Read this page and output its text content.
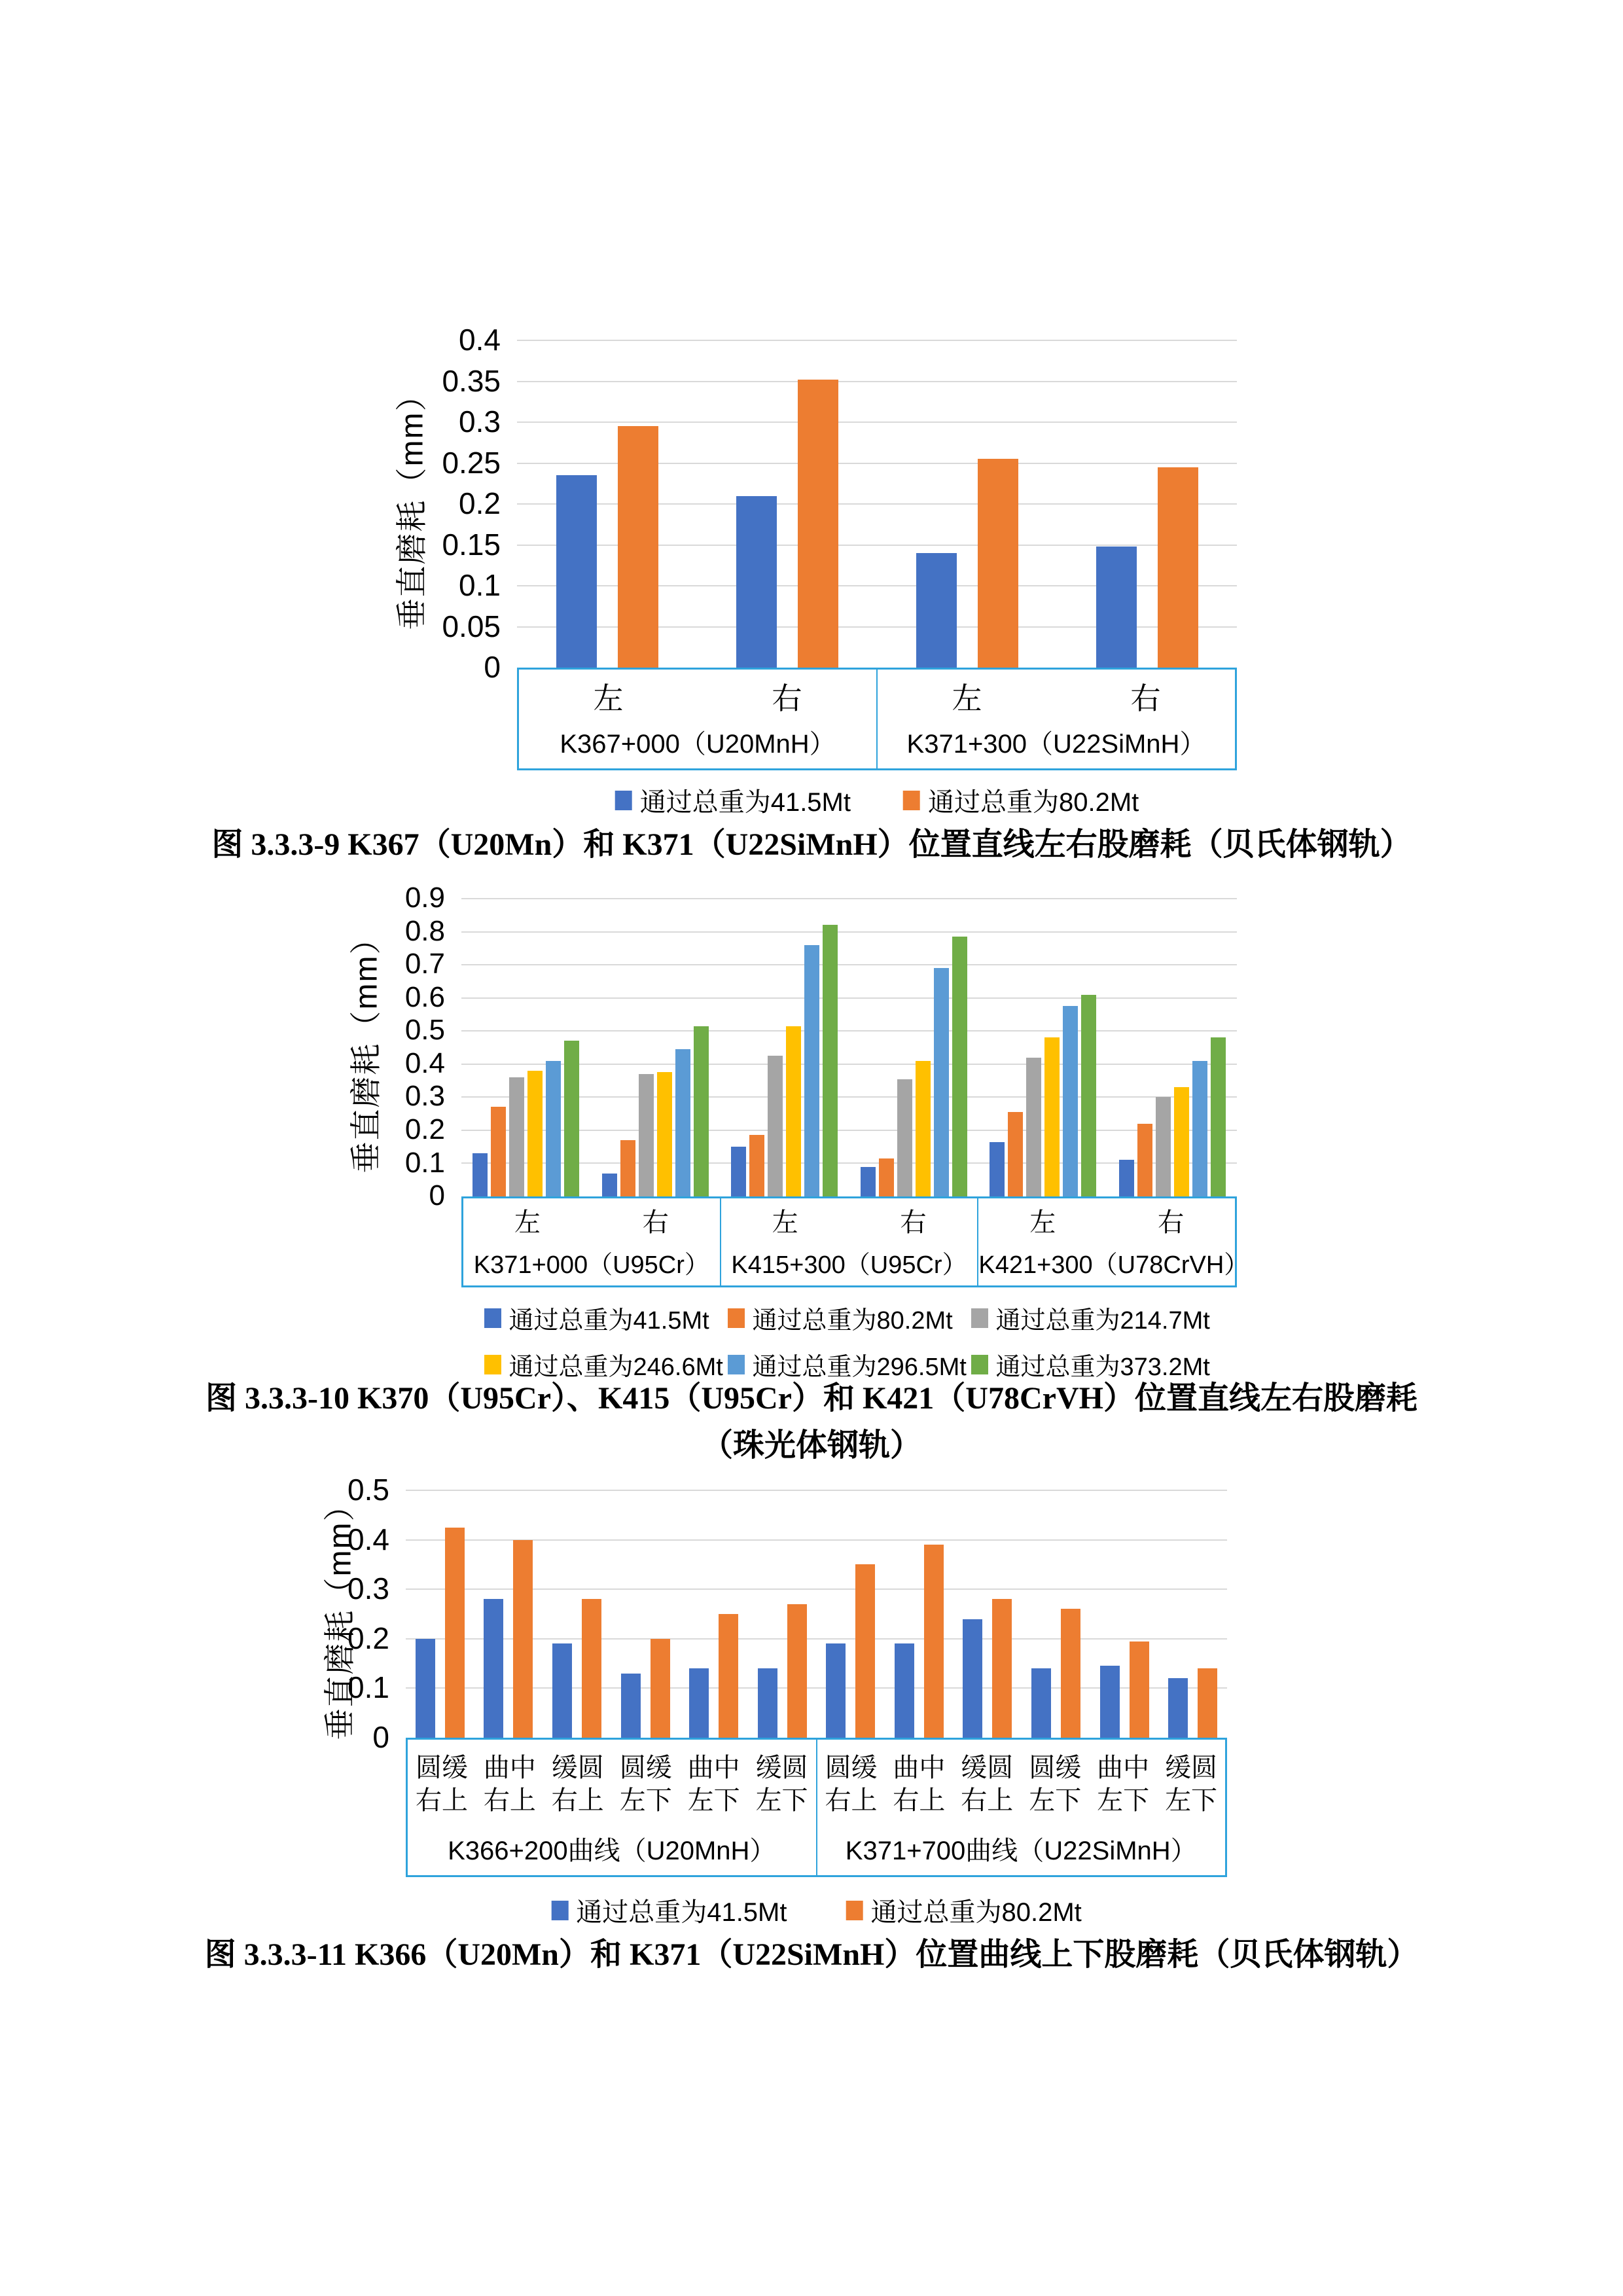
垂直磨耗（mm）
0.4
0.35
0.3
0.25
0.2
0.15
0.1
0.05
0
左	右
K367+000（U20MnH）
左	右
K371+300（U22SiMnH）
通过总重为41.5Mt	通过总重为80.2Mt
垂直磨耗（mm）
0.9
0.8
0.7
0.6
0.5
0.4
0.3
0.2
0.1
0
左	右
K371+000（U95Cr）
左	右
K415+300（U95Cr）
左	右
K421+300（U78CrVH）
通过总重为41.5Mt 通过总重为80.2Mt 通过总重为214.7Mt
通过总重为246.6Mt 通过总重为296.5Mt 通过总重为373.2Mt
垂直磨耗（mm）
0.5
0.4
0.3
0.2
0.1
0
圆缓
右上
曲中
右上
缓圆
右上
圆缓
左下
曲中
左下
缓圆
左下
K366+200曲线（U20MnH）
圆缓
右上
曲中
右上
缓圆
右上
圆缓
左下
曲中
左下
缓圆
左下
K371+700曲线（U22SiMnH）
通过总重为41.5Mt	通过总重为80.2Mt
图 3.3.3-9 K367（U20Mn）和 K371（U22SiMnH）位置直线左右股磨耗（贝氏体钢轨）
图 3.3.3-10 K370（U95Cr）、K415（U95Cr）和 K421（U78CrVH）位置直线左右股磨耗
（珠光体钢轨）
图 3.3.3-11 K366（U20Mn）和 K371（U22SiMnH）位置曲线上下股磨耗（贝氏体钢轨）
